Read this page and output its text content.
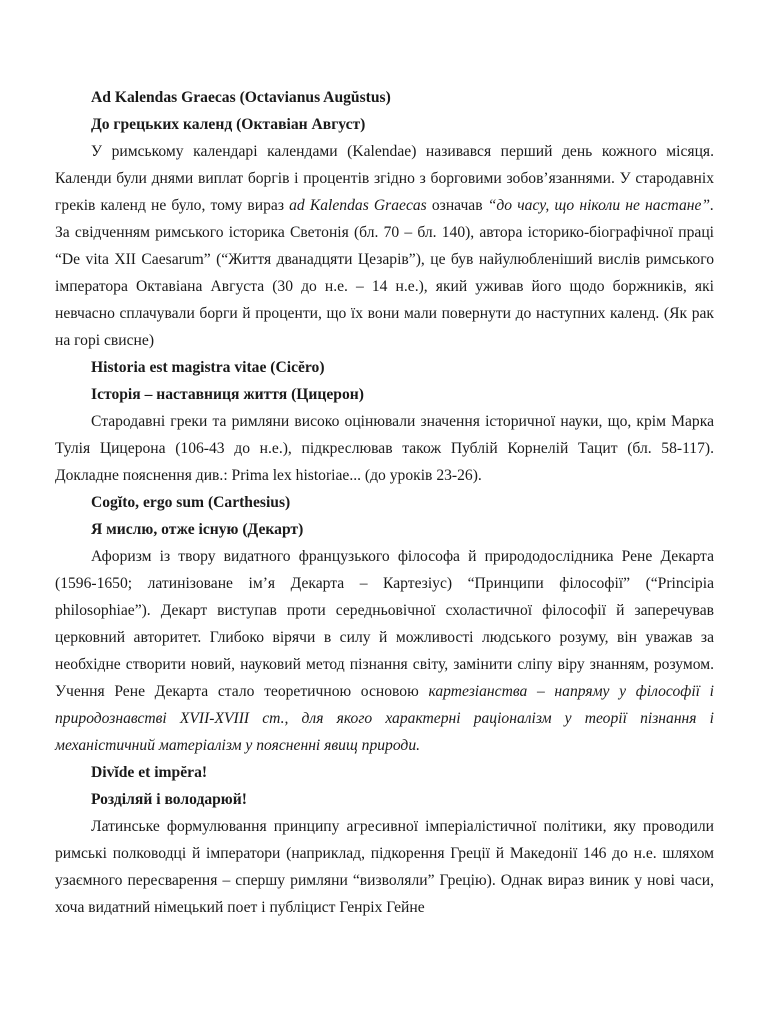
Ad Kalendas Graecas (Octavianus Augŭstus)

До грецьких календ (Октавіан Август)

У римському календарі календами (Kalendae) називався перший день кожного місяця. Календи були днями виплат боргів і процентів згідно з борговими зобов’язаннями. У стародавніх греків календ не було, тому вираз ad Kalendas Graecas означав “до часу, що ніколи не настане”. За свідченням римського історика Светонія (бл. 70 – бл. 140), автора історико-біографічної праці “De vita XII Caesarum” (“Життя дванадцяти Цезарів”), це був найулюбленіший вислів римського імператора Октавіана Августа (30 до н.е. – 14 н.е.), який уживав його щодо боржників, які невчасно сплачували борги й проценти, що їх вони мали повернути до наступних календ. (Як рак на горі свисне)

Historia est magistra vitae (Cicĕro)

Історія – наставниця життя (Цицерон)

Стародавні греки та римляни високо оцінювали значення історичної науки, що, крім Марка Тулія Цицерона (106-43 до н.е.), підкреслював також Публій Корнелій Тацит (бл. 58-117). Докладне пояснення див.: Prima lex historiae... (до уроків 23-26).

Cogĭto, ergo sum (Carthesius)

Я мислю, отже існую (Декарт)

Афоризм із твору видатного французького філософа й природодослідника Рене Декарта (1596-1650; латинізоване ім’я Декарта – Картезіус) “Принципи філософії” (“Principia philosophiae”). Декарт виступав проти середньовічної схоластичної філософії й заперечував церковний авторитет. Глибоко вірячи в силу й можливості людського розуму, він уважав за необхідне створити новий, науковий метод пізнання світу, замінити сліпу віру знанням, розумом. Учення Рене Декарта стало теоретичною основою картезіанства – напряму у філософії і природознавстві XVII-XVIII ст., для якого характерні раціоналізм у теорії пізнання і механістичний матеріалізм у поясненні явищ природи.

Divĭde et impĕra!

Розділяй і володарюй!

Латинське формулювання принципу агресивної імперіалістичної політики, яку проводили римські полководці й імператори (наприклад, підкорення Греції й Македонії 146 до н.е. шляхом узаємного пересварення – спершу римляни “визволяли” Грецію). Однак вираз виник у нові часи, хоча видатний німецький поет і публіцист Генріх Гейне
